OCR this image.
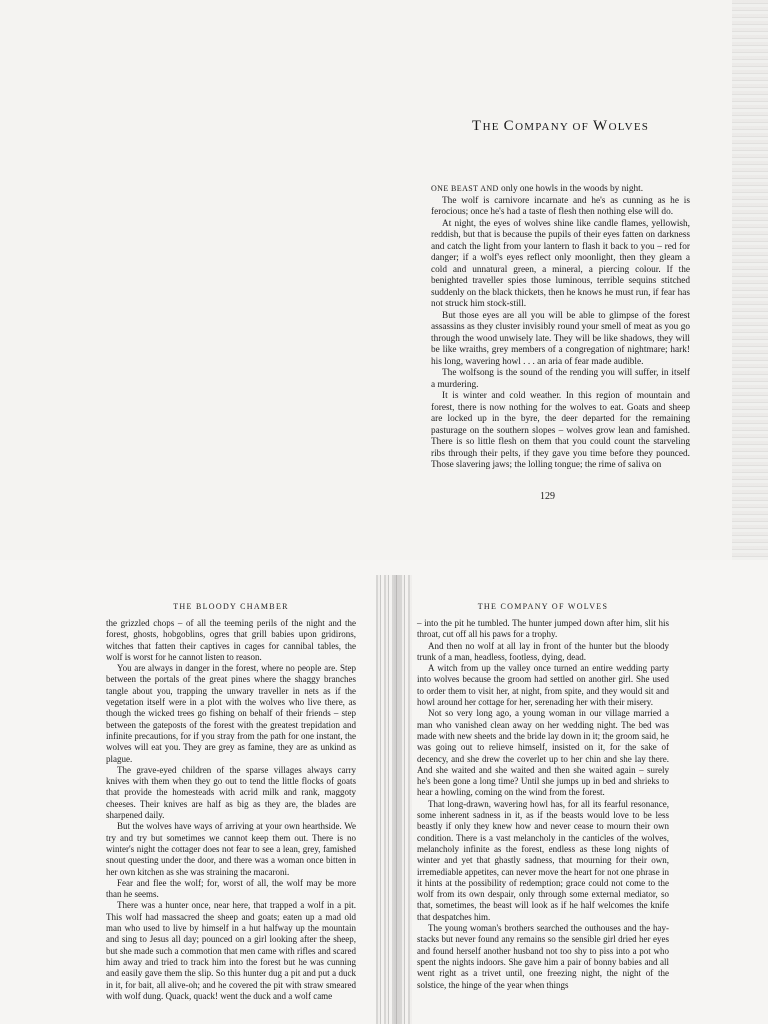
THE COMPANY OF WOLVES

ONE BEAST AND only one howls in the woods by night.

The wolf is carnivore incarnate and he's as cunning as he is ferocious; once he's had a taste of flesh then nothing else will do.

At night, the eyes of wolves shine like candle flames, yellowish, reddish, but that is because the pupils of their eyes fatten on darkness and catch the light from your lantern to flash it back to you – red for danger; if a wolf's eyes reflect only moonlight, then they gleam a cold and unnatural green, a mineral, a piercing colour. If the benighted traveller spies those luminous, terrible sequins stitched suddenly on the black thickets, then he knows he must run, if fear has not struck him stock-still.

But those eyes are all you will be able to glimpse of the forest assassins as they cluster invisibly round your smell of meat as you go through the wood unwisely late. They will be like shadows, they will be like wraiths, grey members of a congregation of nightmare; hark! his long, wavering howl . . . an aria of fear made audible.

The wolfsong is the sound of the rending you will suffer, in itself a murdering.

It is winter and cold weather. In this region of mountain and forest, there is now nothing for the wolves to eat. Goats and sheep are locked up in the byre, the deer departed for the remaining pasturage on the southern slopes – wolves grow lean and famished. There is so little flesh on them that you could count the starveling ribs through their pelts, if they gave you time before they pounced. Those slavering jaws; the lolling tongue; the rime of saliva on

129
THE BLOODY CHAMBER

the grizzled chops – of all the teeming perils of the night and the forest, ghosts, hobgoblins, ogres that grill babies upon gridirons, witches that fatten their captives in cages for cannibal tables, the wolf is worst for he cannot listen to reason.

You are always in danger in the forest, where no people are. Step between the portals of the great pines where the shaggy branches tangle about you, trapping the unwary traveller in nets as if the vegetation itself were in a plot with the wolves who live there, as though the wicked trees go fishing on behalf of their friends – step between the gateposts of the forest with the greatest trepidation and infinite precautions, for if you stray from the path for one instant, the wolves will eat you. They are grey as famine, they are as unkind as plague.

The grave-eyed children of the sparse villages always carry knives with them when they go out to tend the little flocks of goats that provide the homesteads with acrid milk and rank, maggoty cheeses. Their knives are half as big as they are, the blades are sharpened daily.

But the wolves have ways of arriving at your own hearthside. We try and try but sometimes we cannot keep them out. There is no winter's night the cottager does not fear to see a lean, grey, famished snout questing under the door, and there was a woman once bitten in her own kitchen as she was straining the macaroni.

Fear and flee the wolf; for, worst of all, the wolf may be more than he seems.

There was a hunter once, near here, that trapped a wolf in a pit. This wolf had massacred the sheep and goats; eaten up a mad old man who used to live by himself in a hut halfway up the mountain and sing to Jesus all day; pounced on a girl looking after the sheep, but she made such a commotion that men came with rifles and scared him away and tried to track him into the forest but he was cunning and easily gave them the slip. So this hunter dug a pit and put a duck in it, for bait, all alive-oh; and he covered the pit with straw smeared with wolf dung. Quack, quack! went the duck and a wolf came

THE COMPANY OF WOLVES

– into the pit he tumbled. The hunter jumped down after him, slit his throat, cut off all his paws for a trophy.

And then no wolf at all lay in front of the hunter but the bloody trunk of a man, headless, footless, dying, dead.

A witch from up the valley once turned an entire wedding party into wolves because the groom had settled on another girl. She used to order them to visit her, at night, from spite, and they would sit and howl around her cottage for her, serenading her with their misery.

Not so very long ago, a young woman in our village married a man who vanished clean away on her wedding night. The bed was made with new sheets and the bride lay down in it; the groom said, he was going out to relieve himself, insisted on it, for the sake of decency, and she drew the coverlet up to her chin and she lay there. And she waited and she waited and then she waited again – surely he's been gone a long time? Until she jumps up in bed and shrieks to hear a howling, coming on the wind from the forest.

That long-drawn, wavering howl has, for all its fearful resonance, some inherent sadness in it, as if the beasts would love to be less beastly if only they knew how and never cease to mourn their own condition. There is a vast melancholy in the canticles of the wolves, melancholy infinite as the forest, endless as these long nights of winter and yet that ghastly sadness, that mourning for their own, irremediable appetites, can never move the heart for not one phrase in it hints at the possibility of redemption; grace could not come to the wolf from its own despair, only through some external mediator, so that, sometimes, the beast will look as if he half welcomes the knife that despatches him.

The young woman's brothers searched the outhouses and the hay-stacks but never found any remains so the sensible girl dried her eyes and found herself another husband not too shy to piss into a pot who spent the nights indoors. She gave him a pair of bonny babies and all went right as a trivet until, one freezing night, the night of the solstice, the hinge of the year when things
